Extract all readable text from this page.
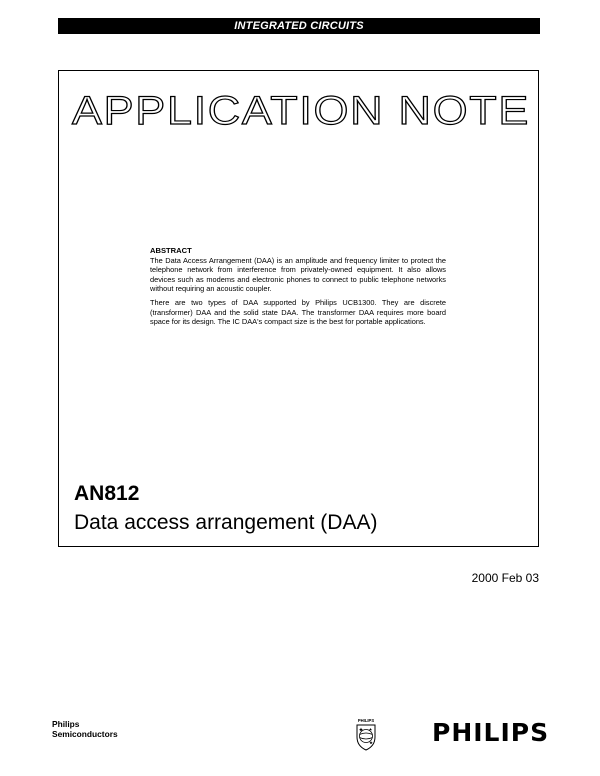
INTEGRATED CIRCUITS
APPLICATION NOTE
ABSTRACT

The Data Access Arrangement (DAA) is an amplitude and frequency limiter to protect the telephone network from interference from privately-owned equipment. It also allows devices such as modems and electronic phones to connect to public telephone networks without requiring an acoustic coupler.

There are two types of DAA supported by Philips UCB1300. They are discrete (transformer) DAA and the solid state DAA. The transformer DAA requires more board space for its design. The IC DAA's compact size is the best for portable applications.

AN812
Data access arrangement (DAA)
2000 Feb 03
Philips
Semiconductors
PHILIPS PHILIPS
